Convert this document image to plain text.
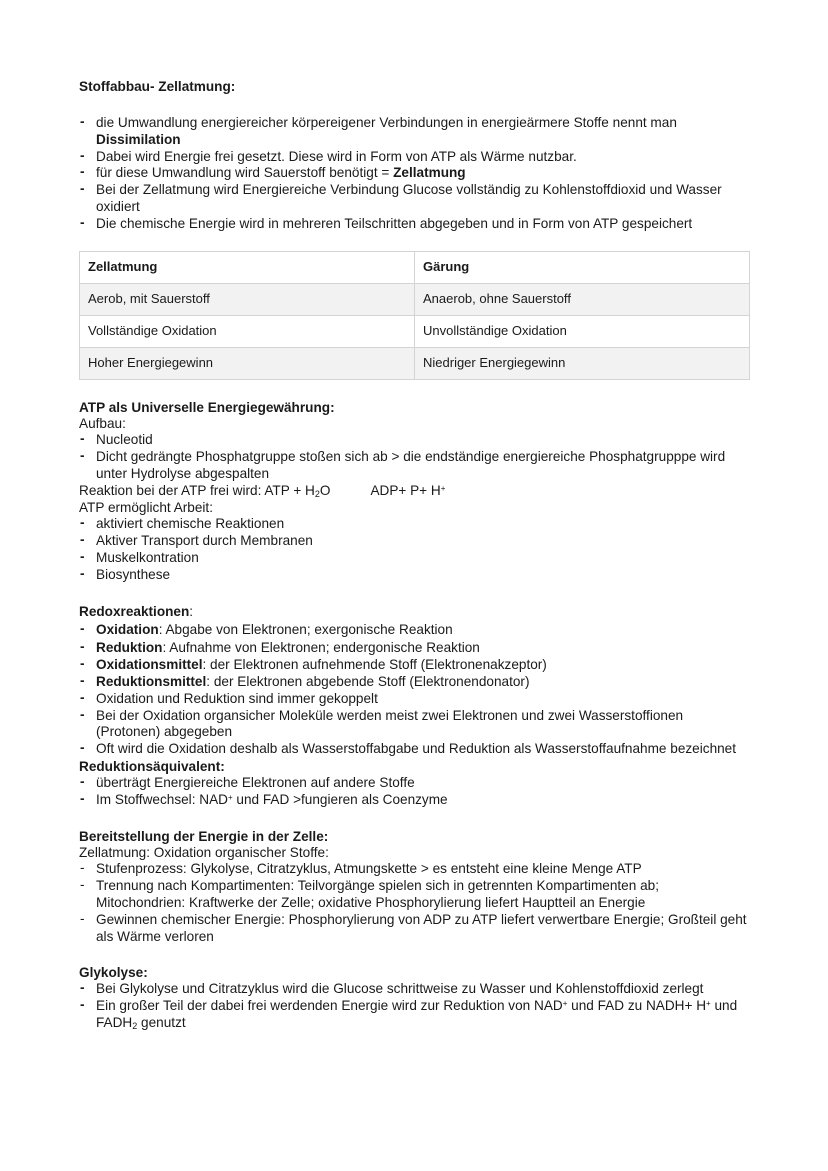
Stoffabbau- Zellatmung:
- die Umwandlung energiereicher körpereigener Verbindungen in energieärmere Stoffe nennt man
Dissimilation
- Dabei wird Energie frei gesetzt. Diese wird in Form von ATP als Wärme nutzbar.
- für diese Umwandlung wird Sauerstoff benötigt = Zellatmung
- Bei der Zellatmung wird Energiereiche Verbindung Glucose vollständig zu Kohlenstoffdioxid und Wasser oxidiert
- Die chemische Energie wird in mehreren Teilschritten abgegeben und in Form von ATP gespeichert
Zellatmung	Gärung
Aerob, mit Sauerstoff	Anaerob, ohne Sauerstoff
Vollständige Oxidation	Unvollständige Oxidation
Hoher Energiegewinn	Niedriger Energiegewinn
ATP als Universelle Energiegewährung:

Aufbau:

- Nucleotid
- Dicht gedrängte Phosphatgruppe stoßen sich ab > die endständige energiereiche Phosphatgrupppe wird unter Hydrolyse abgespalten

Reaktion bei der ATP frei wird: ATP + $H_2O$	ADP+ P+ H+

ATP ermöglicht Arbeit:

- aktiviert chemische Reaktionen
- Aktiver Transport durch Membranen
- Muskelkontration
- Biosynthese
Redoxreaktionen:
- Oxidation: Abgabe von Elektronen; exergonische Reaktion
- Reduktion: Aufnahme von Elektronen; endergonische Reaktion
- Oxidationsmittel: der Elektronen aufnehmende Stoff (Elektronenakzeptor)
- Reduktionsmittel: der Elektronen abgebende Stoff (Elektronendonator)
- Oxidation und Reduktion sind immer gekoppelt
- Bei der Oxidation organsicher Moleküle werden meist zwei Elektronen und zwei Wasserstoffionen (Protonen) abgegeben
- Oft wird die Oxidation deshalb als Wasserstoffabgabe und Reduktion als Wasserstoffaufnahme bezeichnet
Reduktionsäquivalent:
- überträgt Energiereiche Elektronen auf andere Stoffe
- Im Stoffwechsel: NAD+ und FAD >fungieren als Coenzyme
Bereitstellung der Energie in der Zelle:

Zellatmung: Oxidation organischer Stoffe:

- Stufenprozess: Glykolyse, Citratzyklus, Atmungskette > es entsteht eine kleine Menge ATP
- Trennung nach Kompartimenten: Teilvorgänge spielen sich in getrennten Kompartimenten ab; Mitochondrien: Kraftwerke der Zelle; oxidative Phosphorylierung liefert Hauptteil an Energie
- Gewinnen chemischer Energie: Phosphorylierung von ADP zu ATP liefert verwertbare Energie; Großteil geht als Wärme verloren
Glykolyse:
- Bei Glykolyse und Citratzyklus wird die Glucose schrittweise zu Wasser und Kohlenstoffdioxid zerlegt
- Ein großer Teil der dabei frei werdenden Energie wird zur Reduktion von NAD+ und FAD zu NADH+ H+ und $FADH_2$ genutzt
